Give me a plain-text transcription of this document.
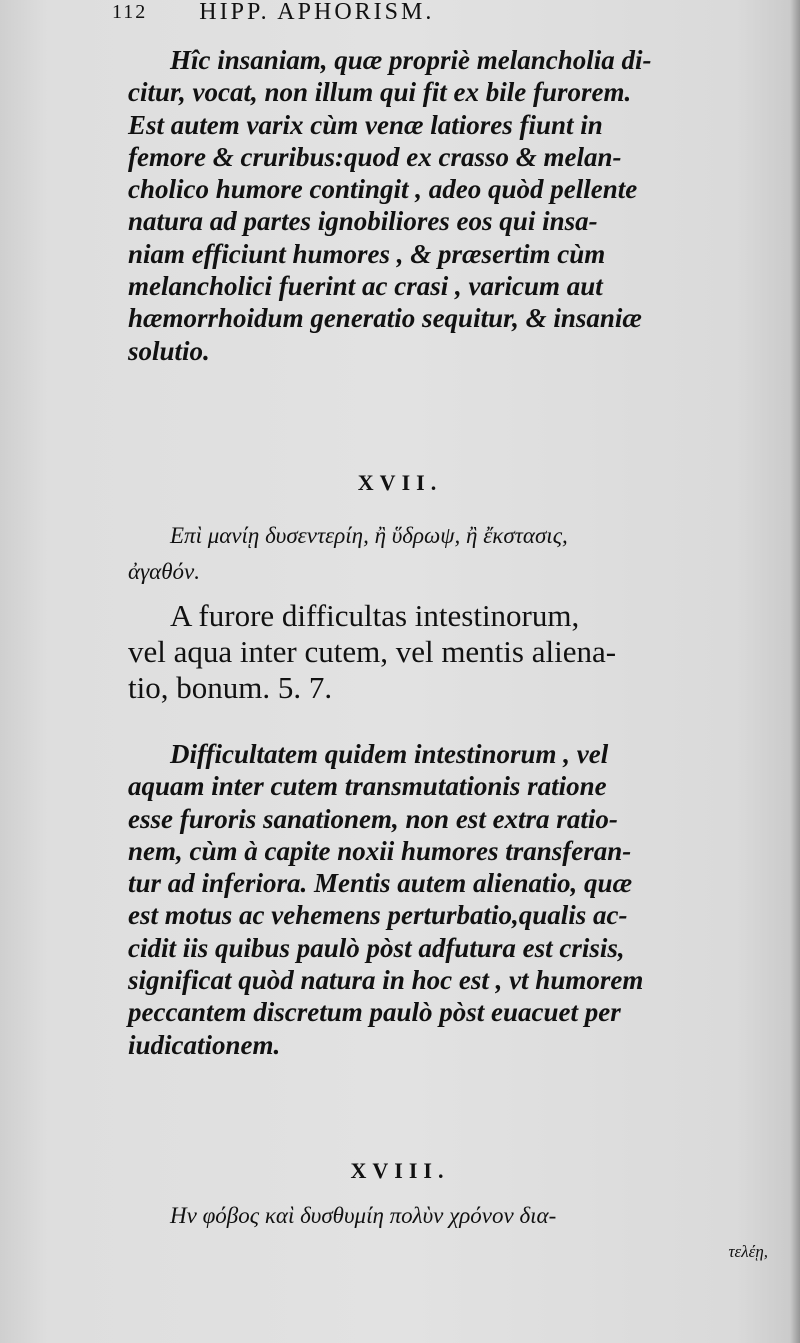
112 HIPP. APHORISM.

Hîc insaniam, quæ propriè melancholia di-
citur, vocat, non illum qui fit ex bile furorem.
Est autem varix cùm venæ latiores fiunt in
femore & cruribus:quod ex crasso & melan-
cholico humore contingit , adeo quòd pellente
natura ad partes ignobiliores eos qui insa-
niam efficiunt humores , & præsertim cùm
melancholici fuerint ac crasi , varicum aut
hæmorrhoidum generatio sequitur, & insaniæ
solutio.

XVII.

Επὶ μανίῃ δυσεντερίη, ἢ ὕδρωψ, ἢ ἔκστασις,
ἀγαθόν.

A furore difficultas intestinorum,
vel aqua inter cutem, vel mentis aliena-
tio, bonum. 5. 7.

Difficultatem quidem intestinorum , vel
aquam inter cutem transmutationis ratione
esse furoris sanationem, non est extra ratio-
nem, cùm à capite noxii humores transferan-
tur ad inferiora. Mentis autem alienatio, quæ
est motus ac vehemens perturbatio,qualis ac-
cidit iis quibus paulò pòst adfutura est crisis,
significat quòd natura in hoc est , vt humorem
peccantem discretum paulò pòst euacuet per
iudicationem.

XVIII.

Ην φόβος καὶ δυσθυμίη πολὺν χρόνον δια-
τελέῃ,
